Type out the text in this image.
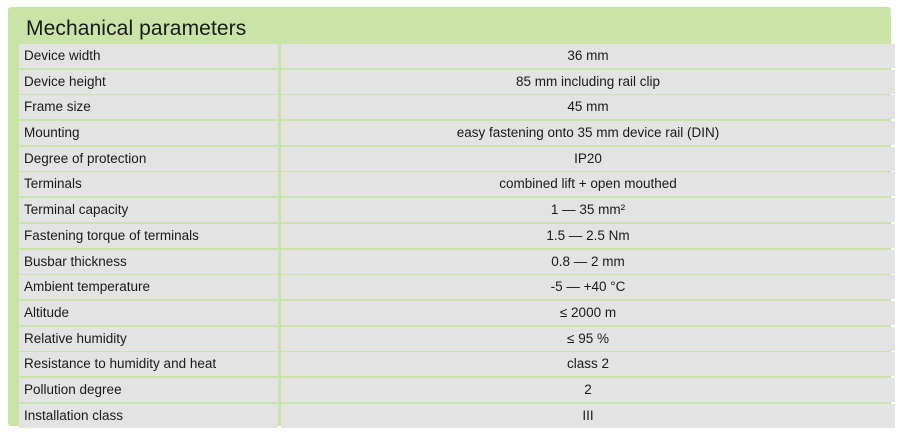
Mechanical parameters
Device width	36 mm
Device height	85 mm including rail clip
Frame size	45 mm
Mounting	easy fastening onto 35 mm device rail (DIN)
Degree of protection	IP20
Terminals	combined lift + open mouthed
Terminal capacity	1 — 35 mm²
Fastening torque of terminals	1.5 — 2.5 Nm
Busbar thickness	0.8 — 2 mm
Ambient temperature	-5 — +40 °C
Altitude	≤ 2000 m
Relative humidity	≤ 95 %
Resistance to humidity and heat	class 2
Pollution degree	2
Installation class	III
